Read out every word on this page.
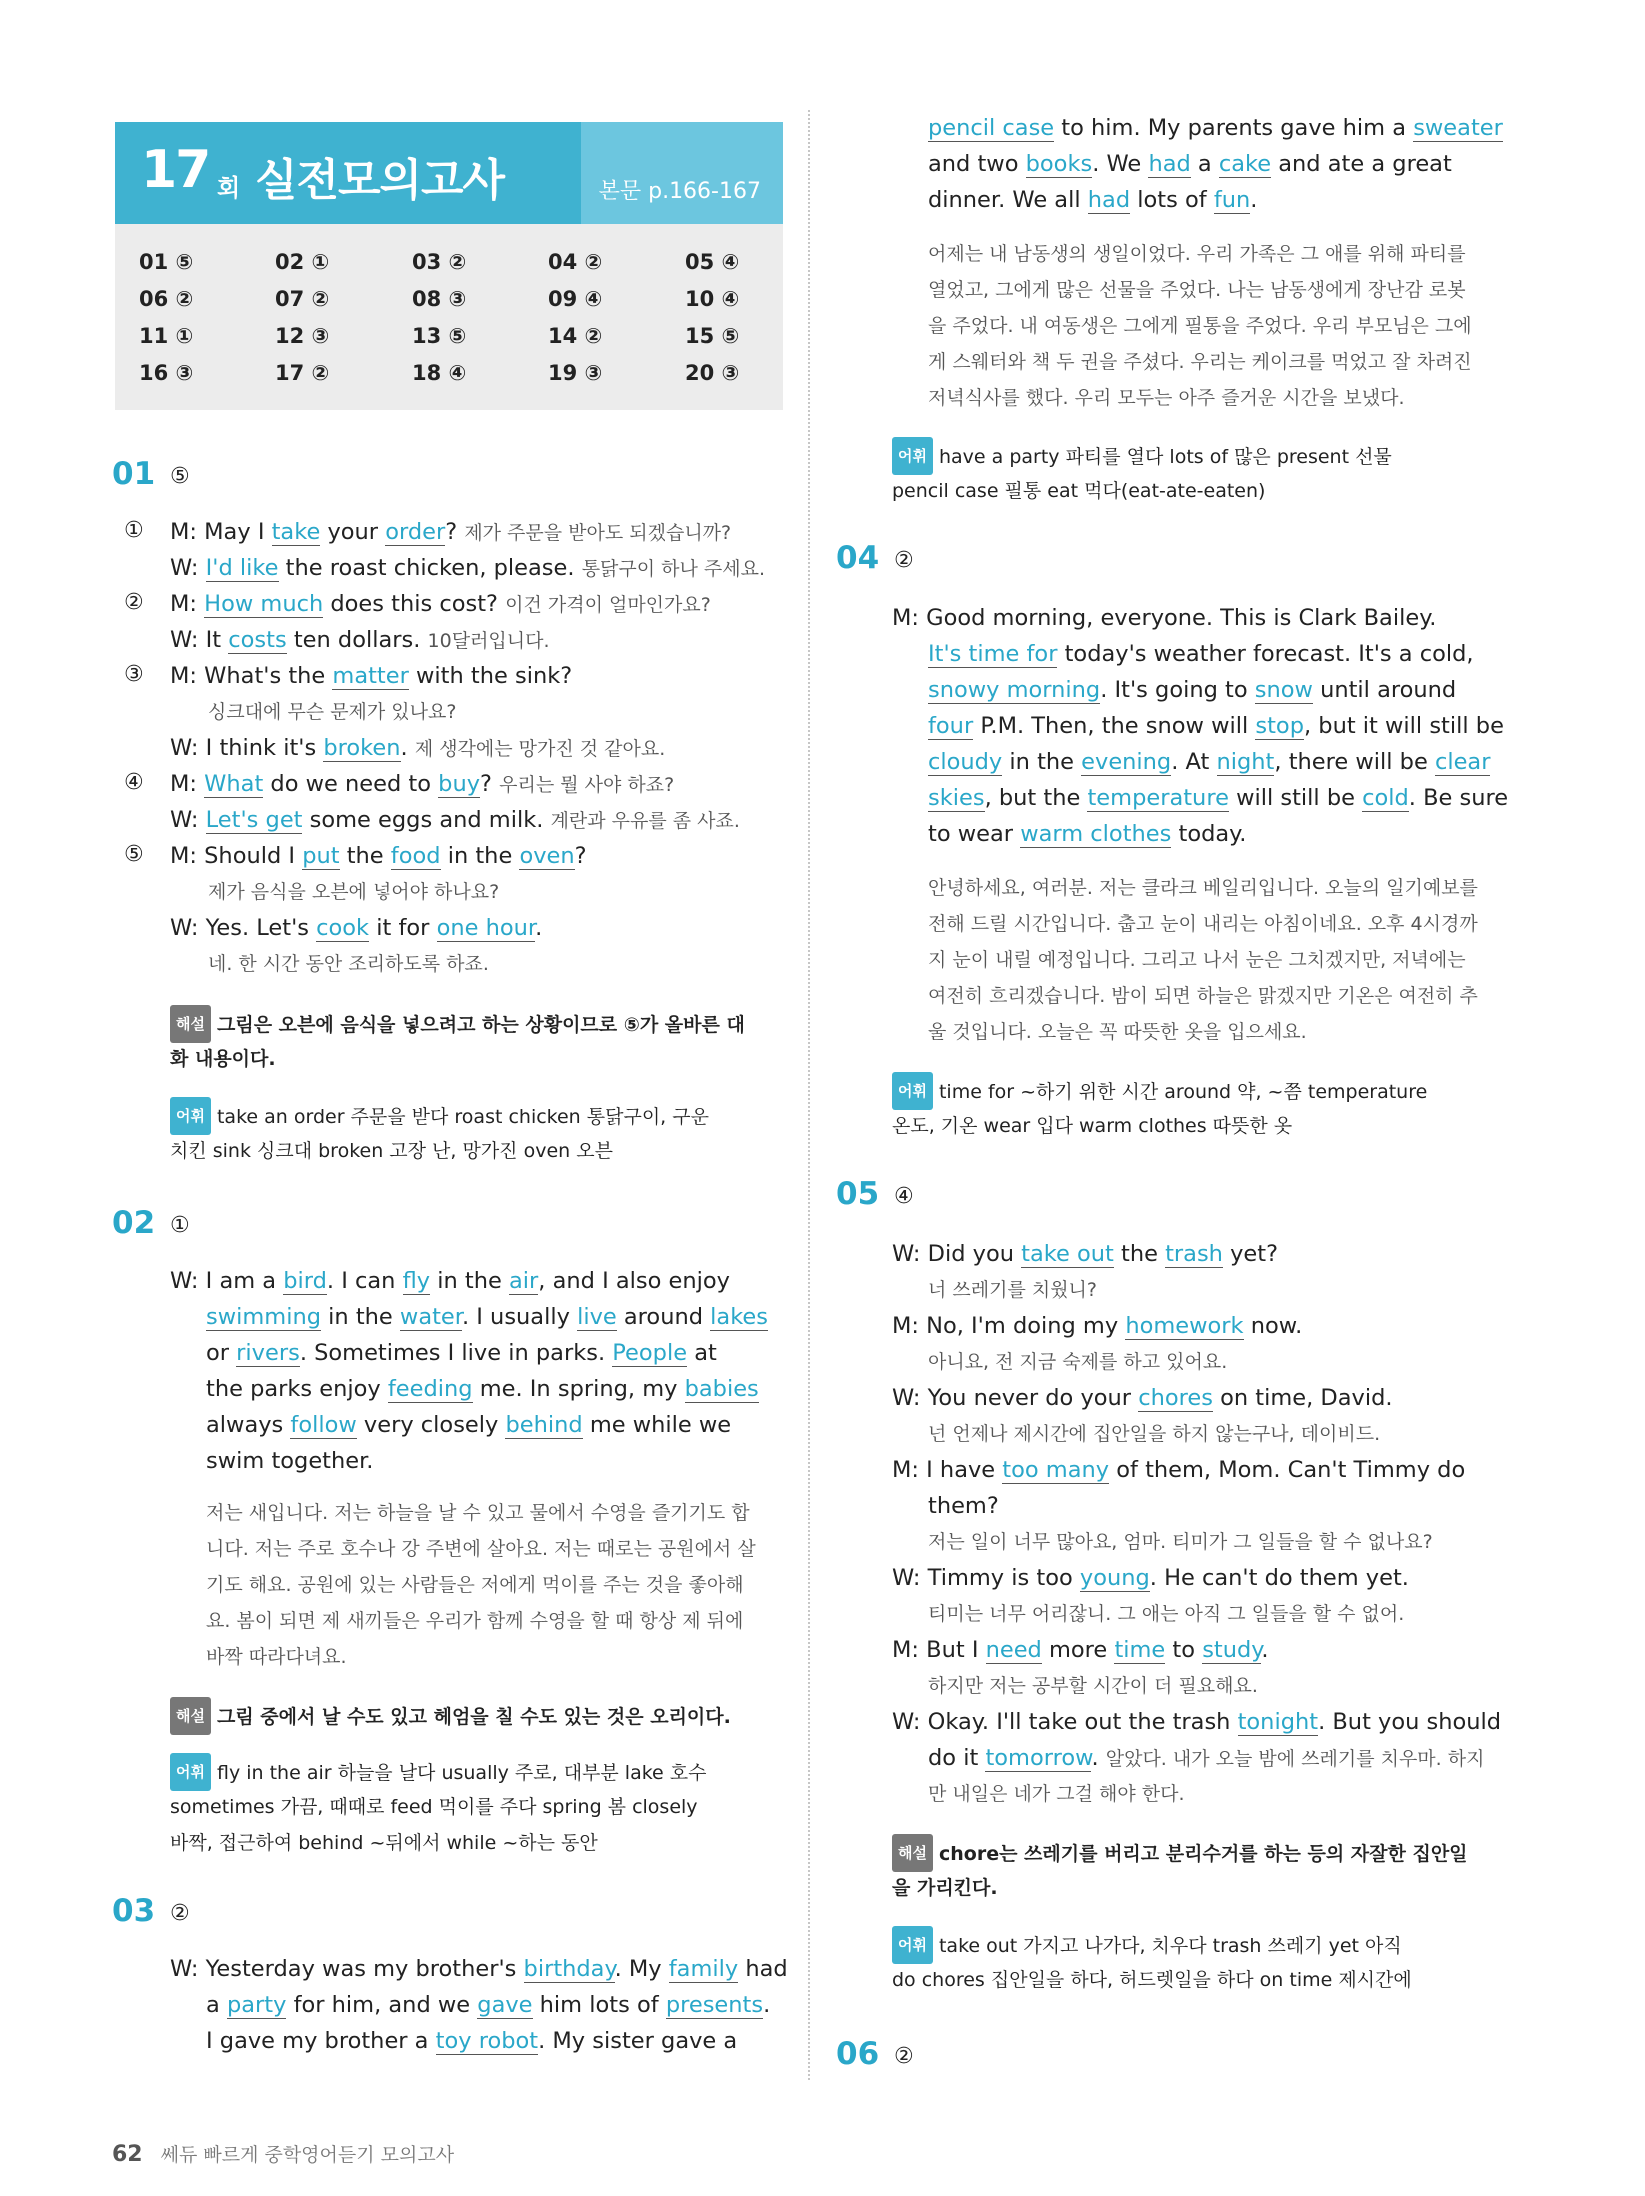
17 회 실전모의고사	본문 p.166-167
01 ⑤	02 ①	03 ②	04 ②	05 ④
06 ②	07 ②	08 ③	09 ④	10 ④
11 ①	12 ③	13 ⑤	14 ②	15 ⑤
16 ③	17 ②	18 ④	19 ③	20 ③
01 ⑤
① M: May I take your order? 제가 주문을 받아도 되겠습니까?
W: I'd like the roast chicken, please. 통닭구이 하나 주세요.
② M: How much does this cost? 이건 가격이 얼마인가요?
W: It costs ten dollars. 10달러입니다.
③ M: What's the matter with the sink?
싱크대에 무슨 문제가 있나요?
W: I think it's broken. 제 생각에는 망가진 것 같아요.
④ M: What do we need to buy? 우리는 뭘 사야 하죠?
W: Let's get some eggs and milk. 계란과 우유를 좀 사죠.
⑤ M: Should I put the food in the oven?
제가 음식을 오븐에 넣어야 하나요?
W: Yes. Let's cook it for one hour.
네. 한 시간 동안 조리하도록 하죠.
해설 그림은 오븐에 음식을 넣으려고 하는 상황이므로 ⑤가 올바른 대
화 내용이다.
어휘 take an order 주문을 받다 roast chicken 통닭구이, 구운
치킨 sink 싱크대 broken 고장 난, 망가진 oven 오븐
02 ①
W: I am a bird. I can fly in the air, and I also enjoy
swimming in the water. I usually live around lakes
or rivers. Sometimes I live in parks. People at
the parks enjoy feeding me. In spring, my babies
always follow very closely behind me while we
swim together.
저는 새입니다. 저는 하늘을 날 수 있고 물에서 수영을 즐기기도 합
니다. 저는 주로 호수나 강 주변에 살아요. 저는 때로는 공원에서 살
기도 해요. 공원에 있는 사람들은 저에게 먹이를 주는 것을 좋아해
요. 봄이 되면 제 새끼들은 우리가 함께 수영을 할 때 항상 제 뒤에
바짝 따라다녀요.
해설 그림 중에서 날 수도 있고 헤엄을 칠 수도 있는 것은 오리이다.
어휘 fly in the air 하늘을 날다 usually 주로, 대부분 lake 호수
sometimes 가끔, 때때로 feed 먹이를 주다 spring 봄 closely
바짝, 접근하여 behind ~뒤에서 while ~하는 동안
03 ②
W: Yesterday was my brother's birthday. My family had
a party for him, and we gave him lots of presents.
I gave my brother a toy robot. My sister gave a
pencil case to him. My parents gave him a sweater
and two books. We had a cake and ate a great
dinner. We all had lots of fun.
어제는 내 남동생의 생일이었다. 우리 가족은 그 애를 위해 파티를
열었고, 그에게 많은 선물을 주었다. 나는 남동생에게 장난감 로봇
을 주었다. 내 여동생은 그에게 필통을 주었다. 우리 부모님은 그에
게 스웨터와 책 두 권을 주셨다. 우리는 케이크를 먹었고 잘 차려진
저녁식사를 했다. 우리 모두는 아주 즐거운 시간을 보냈다.
어휘 have a party 파티를 열다 lots of 많은 present 선물
pencil case 필통 eat 먹다(eat-ate-eaten)
04 ②
M: Good morning, everyone. This is Clark Bailey.
It's time for today's weather forecast. It's a cold,
snowy morning. It's going to snow until around
four P.M. Then, the snow will stop, but it will still be
cloudy in the evening. At night, there will be clear
skies, but the temperature will still be cold. Be sure
to wear warm clothes today.
안녕하세요, 여러분. 저는 클라크 베일리입니다. 오늘의 일기예보를
전해 드릴 시간입니다. 춥고 눈이 내리는 아침이네요. 오후 4시경까
지 눈이 내릴 예정입니다. 그리고 나서 눈은 그치겠지만, 저녁에는
여전히 흐리겠습니다. 밤이 되면 하늘은 맑겠지만 기온은 여전히 추
울 것입니다. 오늘은 꼭 따뜻한 옷을 입으세요.
어휘 time for ~하기 위한 시간 around 약, ~쯤 temperature
온도, 기온 wear 입다 warm clothes 따뜻한 옷
05 ④
W: Did you take out the trash yet?
너 쓰레기를 치웠니?
M: No, I'm doing my homework now.
아니요, 전 지금 숙제를 하고 있어요.
W: You never do your chores on time, David.
넌 언제나 제시간에 집안일을 하지 않는구나, 데이비드.
M: I have too many of them, Mom. Can't Timmy do
them?
저는 일이 너무 많아요, 엄마. 티미가 그 일들을 할 수 없나요?
W: Timmy is too young. He can't do them yet.
티미는 너무 어리잖니. 그 애는 아직 그 일들을 할 수 없어.
M: But I need more time to study.
하지만 저는 공부할 시간이 더 필요해요.
W: Okay. I'll take out the trash tonight. But you should
do it tomorrow. 알았다. 내가 오늘 밤에 쓰레기를 치우마. 하지
만 내일은 네가 그걸 해야 한다.
해설 chore는 쓰레기를 버리고 분리수거를 하는 등의 자잘한 집안일
을 가리킨다.
어휘 take out 가지고 나가다, 치우다 trash 쓰레기 yet 아직
do chores 집안일을 하다, 허드렛일을 하다 on time 제시간에
06 ②
62 쎄듀 빠르게 중학영어듣기 모의고사
